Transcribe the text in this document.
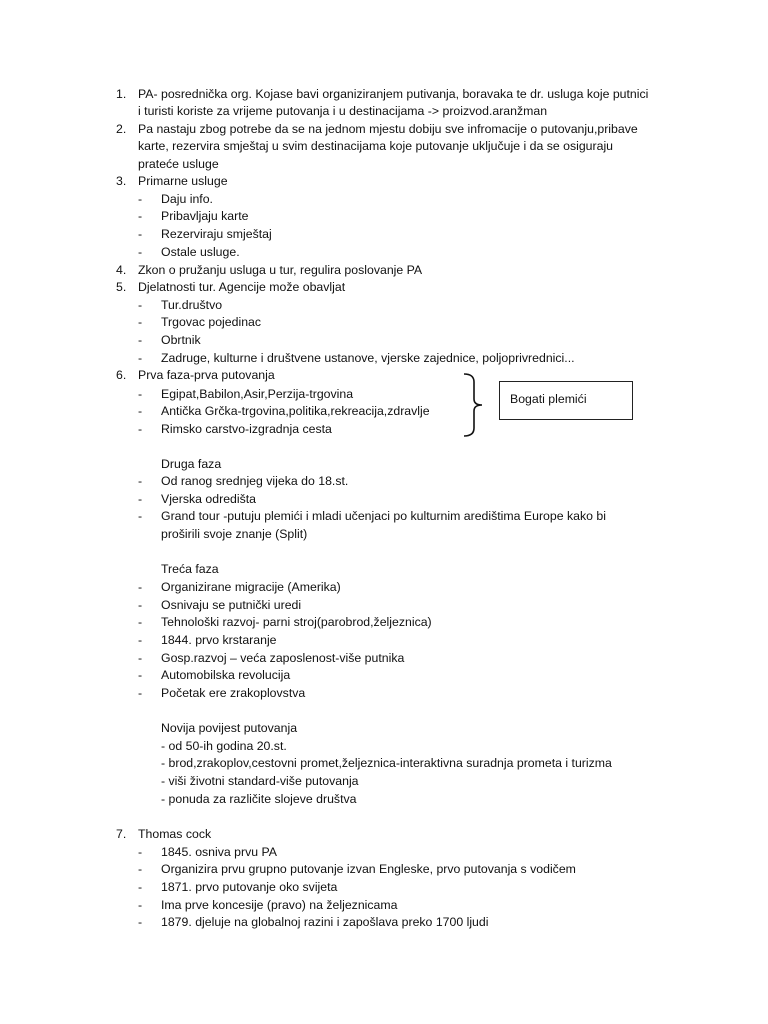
1. PA- posrednička org. Kojase bavi organiziranjem putivanja, boravaka te dr. usluga koje putnici
i turisti koriste za vrijeme putovanja i u destinacijama -> proizvod.aranžman
2. Pa nastaju zbog potrebe da se na jednom mjestu dobiju sve infromacije o putovanju,pribave
karte, rezervira smještaj u svim destinacijama koje putovanje uključuje i da se osiguraju
prateće usluge
3. Primarne usluge
- Daju info.
- Pribavljaju karte
- Rezerviraju smještaj
- Ostale usluge.
4. Zkon o pružanju usluga u tur, regulira poslovanje PA
5. Djelatnosti tur. Agencije može obavljat
- Tur.društvo
- Trgovac pojedinac
- Obrtnik
- Zadruge, kulturne i društvene ustanove, vjerske zajednice, poljoprivrednici...
6. Prva faza-prva putovanja
- Egipat,Babilon,Asir,Perzija-trgovina
- Antička Grčka-trgovina,politika,rekreacija,zdravlje
- Rimsko carstvo-izgradnja cesta
Bogati plemići
Druga faza
- Od ranog srednjeg vijeka do 18.st.
- Vjerska odredišta
- Grand tour -putuju plemići i mladi učenjaci po kulturnim aredištima Europe kako bi
proširili svoje znanje (Split)
Treća faza
- Organizirane migracije (Amerika)
- Osnivaju se putnički uredi
- Tehnološki razvoj- parni stroj(parobrod,željeznica)
- 1844. prvo krstaranje
- Gosp.razvoj – veća zaposlenost-više putnika
- Automobilska revolucija
- Početak ere zrakoplovstva
Novija povijest putovanja
- od 50-ih godina 20.st.
- brod,zrakoplov,cestovni promet,željeznica-interaktivna suradnja prometa i turizma
- viši životni standard-više putovanja
- ponuda za različite slojeve društva
7. Thomas cock
- 1845. osniva prvu PA
- Organizira prvu grupno putovanje izvan Engleske, prvo putovanja s vodičem
- 1871. prvo putovanje oko svijeta
- Ima prve koncesije (pravo) na željeznicama
- 1879. djeluje na globalnoj razini i zapošlava preko 1700 ljudi
